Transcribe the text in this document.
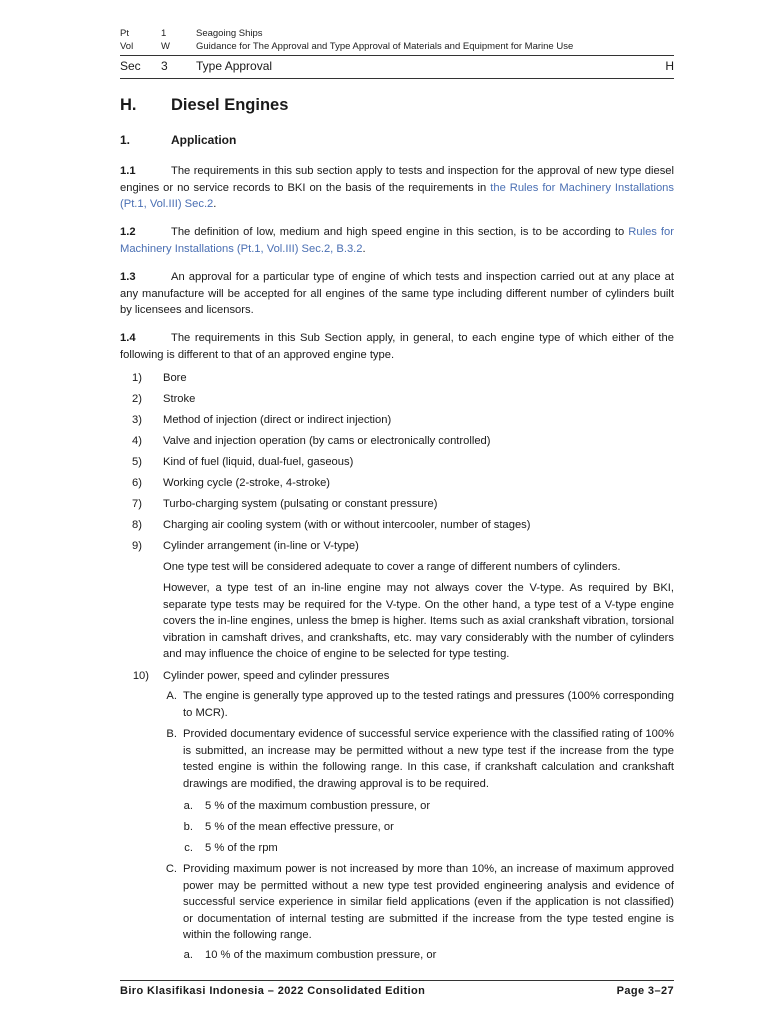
Pt	1	Seagoing Ships
Vol	W	Guidance for The Approval and Type Approval of Materials and Equipment for Marine Use
Sec 3 Type Approval	H
H. Diesel Engines
1.	Application
1.1	The requirements in this sub section apply to tests and inspection for the approval of new type diesel engines or no service records to BKI on the basis of the requirements in the Rules for Machinery Installations (Pt.1, Vol.III) Sec.2.
1.2	The definition of low, medium and high speed engine in this section, is to be according to Rules for Machinery Installations (Pt.1, Vol.III) Sec.2, B.3.2.
1.3	An approval for a particular type of engine of which tests and inspection carried out at any place at any manufacture will be accepted for all engines of the same type including different number of cylinders built by licensees and licensors.
1.4	The requirements in this Sub Section apply, in general, to each engine type of which either of the following is different to that of an approved engine type.
1) Bore
2) Stroke
3) Method of injection (direct or indirect injection)
4) Valve and injection operation (by cams or electronically controlled)
5) Kind of fuel (liquid, dual-fuel, gaseous)
6) Working cycle (2-stroke, 4-stroke)
7) Turbo-charging system (pulsating or constant pressure)
8) Charging air cooling system (with or without intercooler, number of stages)
9) Cylinder arrangement (in-line or V-type)
One type test will be considered adequate to cover a range of different numbers of cylinders.
However, a type test of an in-line engine may not always cover the V-type. As required by BKI, separate type tests may be required for the V-type. On the other hand, a type test of a V-type engine covers the in-line engines, unless the bmep is higher. Items such as axial crankshaft vibration, torsional vibration in camshaft drives, and crankshafts, etc. may vary considerably with the number of cylinders and may influence the choice of engine to be selected for type testing.
10) Cylinder power, speed and cylinder pressures
A. The engine is generally type approved up to the tested ratings and pressures (100% corresponding to MCR).
B. Provided documentary evidence of successful service experience with the classified rating of 100% is submitted, an increase may be permitted without a new type test if the increase from the type tested engine is within the following range. In this case, if crankshaft calculation and crankshaft drawings are modified, the drawing approval is to be required.
a. 5 % of the maximum combustion pressure, or
b. 5 % of the mean effective pressure, or
c. 5 % of the rpm
C. Providing maximum power is not increased by more than 10%, an increase of maximum approved power may be permitted without a new type test provided engineering analysis and evidence of successful service experience in similar field applications (even if the application is not classified) or documentation of internal testing are submitted if the increase from the type tested engine is within the following range.
a. 10 % of the maximum combustion pressure, or
Biro Klasifikasi Indonesia – 2022 Consolidated Edition	Page 3–27
